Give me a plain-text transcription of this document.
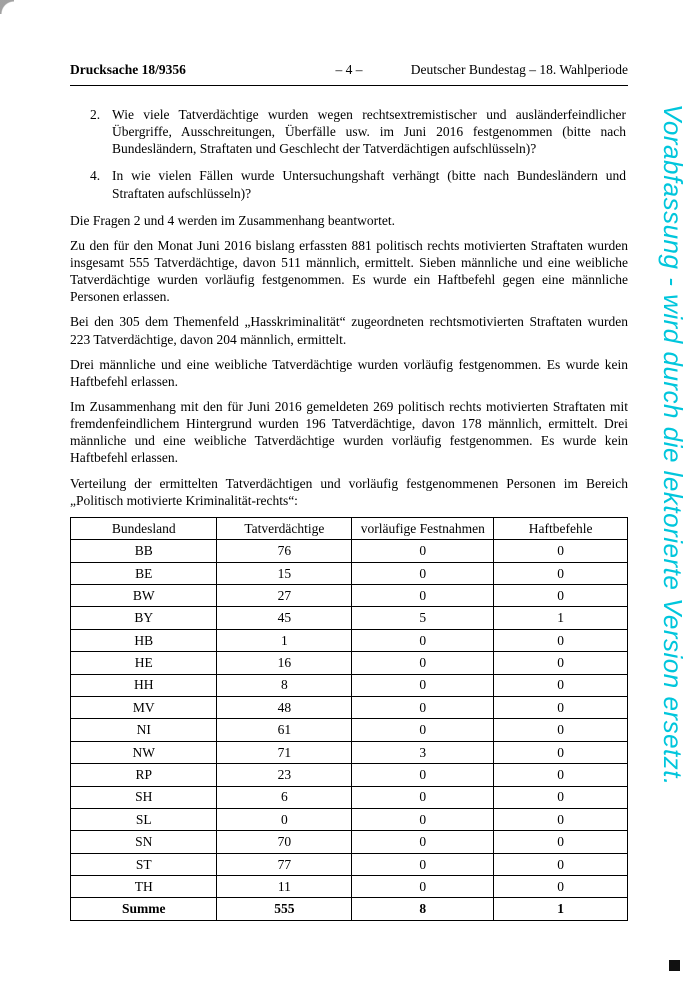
Drucksache 18/9356	– 4 –	Deutscher Bundestag – 18. Wahlperiode
2. Wie viele Tatverdächtige wurden wegen rechtsextremistischer und ausländerfeindlicher Übergriffe, Ausschreitungen, Überfälle usw. im Juni 2016 festgenommen (bitte nach Bundesländern, Straftaten und Geschlecht der Tatverdächtigen aufschlüsseln)?
4. In wie vielen Fällen wurde Untersuchungshaft verhängt (bitte nach Bundesländern und Straftaten aufschlüsseln)?

Die Fragen 2 und 4 werden im Zusammenhang beantwortet.

Zu den für den Monat Juni 2016 bislang erfassten 881 politisch rechts motivierten Straftaten wurden insgesamt 555 Tatverdächtige, davon 511 männlich, ermittelt. Sieben männliche und eine weibliche Tatverdächtige wurden vorläufig festgenommen. Es wurde ein Haftbefehl gegen eine männliche Personen erlassen.

Bei den 305 dem Themenfeld „Hasskriminalität“ zugeordneten rechtsmotivierten Straftaten wurden 223 Tatverdächtige, davon 204 männlich, ermittelt.

Drei männliche und eine weibliche Tatverdächtige wurden vorläufig festgenommen. Es wurde kein Haftbefehl erlassen.

Im Zusammenhang mit den für Juni 2016 gemeldeten 269 politisch rechts motivierten Straftaten mit fremdenfeindlichem Hintergrund wurden 196 Tatverdächtige, davon 178 männlich, ermittelt. Drei männliche und eine weibliche Tatverdächtige wurden vorläufig festgenommen. Es wurde kein Haftbefehl erlassen.

Verteilung der ermittelten Tatverdächtigen und vorläufig festgenommenen Personen im Bereich „Politisch motivierte Kriminalität-rechts“:

Bundesland	Tatverdächtige	vorläufige Festnahmen	Haftbefehle
BB	76	0	0
BE	15	0	0
BW	27	0	0
BY	45	5	1
HB	1	0	0
HE	16	0	0
HH	8	0	0
MV	48	0	0
NI	61	0	0
NW	71	3	0
RP	23	0	0
SH	6	0	0
SL	0	0	0
SN	70	0	0
ST	77	0	0
TH	11	0	0
Summe	555	8	1
Vorabfassung - wird durch die lektorierte Version ersetzt.
